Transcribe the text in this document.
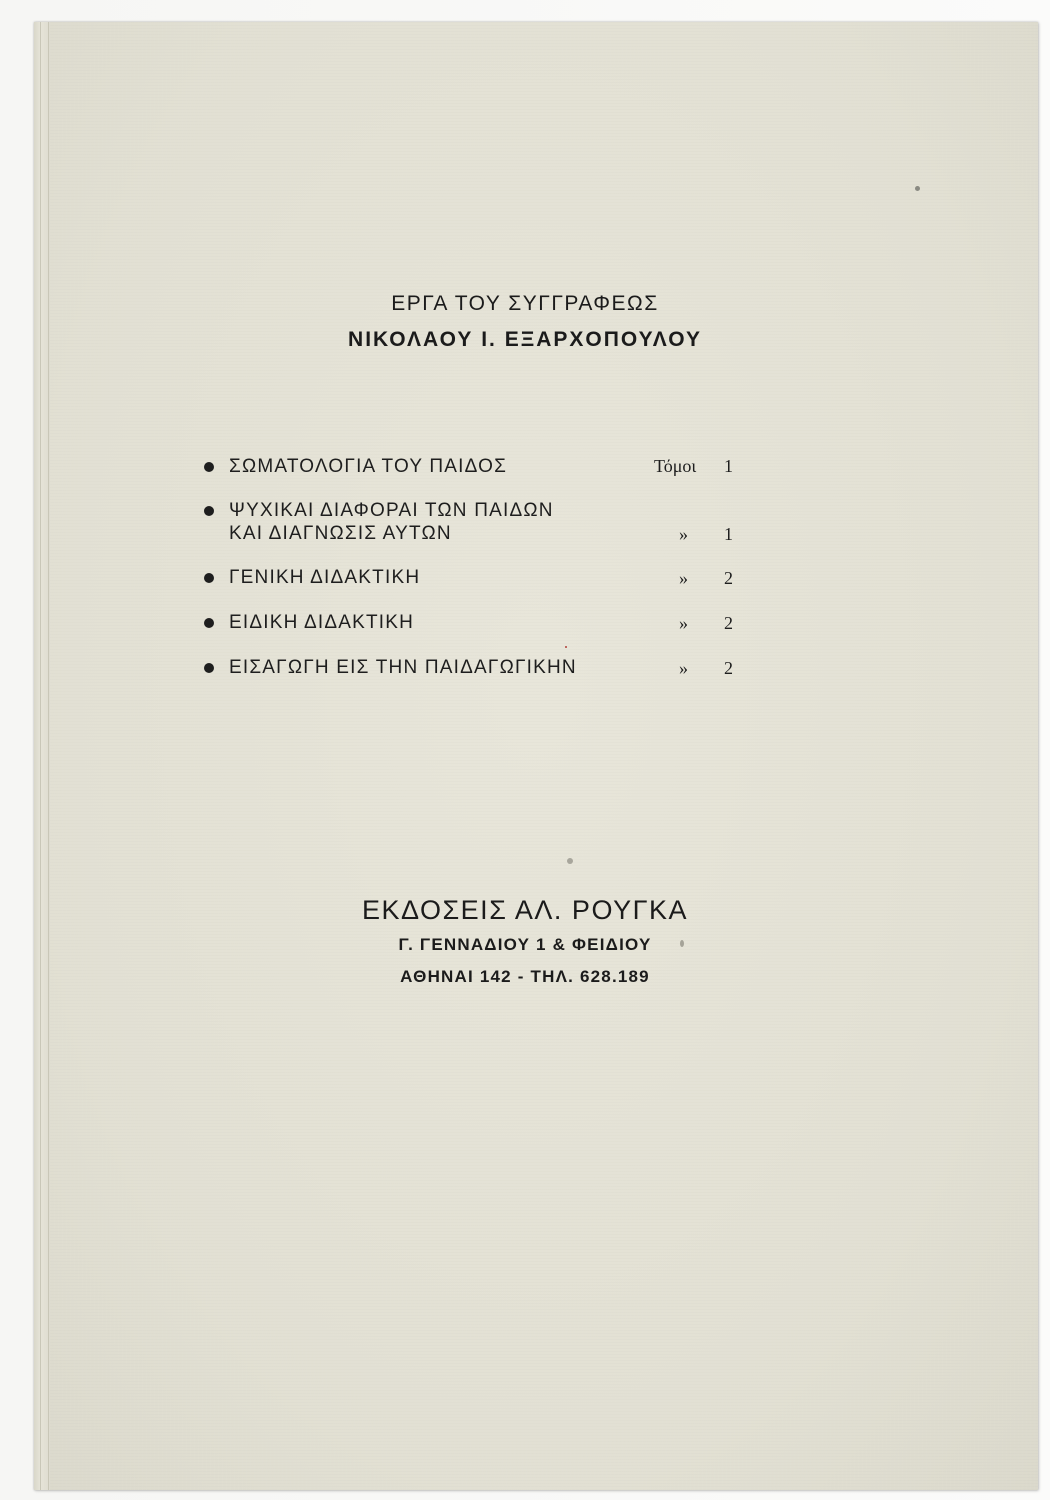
ΕΡΓΑ ΤΟΥ ΣΥΓΓΡΑΦΕΩΣ
ΝΙΚΟΛΑΟΥ Ι. ΕΞΑΡΧΟΠΟΥΛΟΥ
ΣΩΜΑΤΟΛΟΓΙΑ ΤΟΥ ΠΑΙΔΟΣ	Τόμοι 1
ΨΥΧΙΚΑΙ ΔΙΑΦΟΡΑΙ ΤΩΝ ΠΑΙΔΩΝ
ΚΑΙ ΔΙΑΓΝΩΣΙΣ ΑΥΤΩΝ	» 1
ΓΕΝΙΚΗ ΔΙΔΑΚΤΙΚΗ	» 2
ΕΙΔΙΚΗ ΔΙΔΑΚΤΙΚΗ	» 2
ΕΙΣΑΓΩΓΗ ΕΙΣ ΤΗΝ ΠΑΙΔΑΓΩΓΙΚΗΝ	» 2
ΕΚΔΟΣΕΙΣ ΑΛ. ΡΟΥΓΚΑ
Γ. ΓΕΝΝΑΔΙΟΥ 1 & ΦΕΙΔΙΟΥ
ΑΘΗΝΑΙ 142 - ΤΗΛ. 628.189
